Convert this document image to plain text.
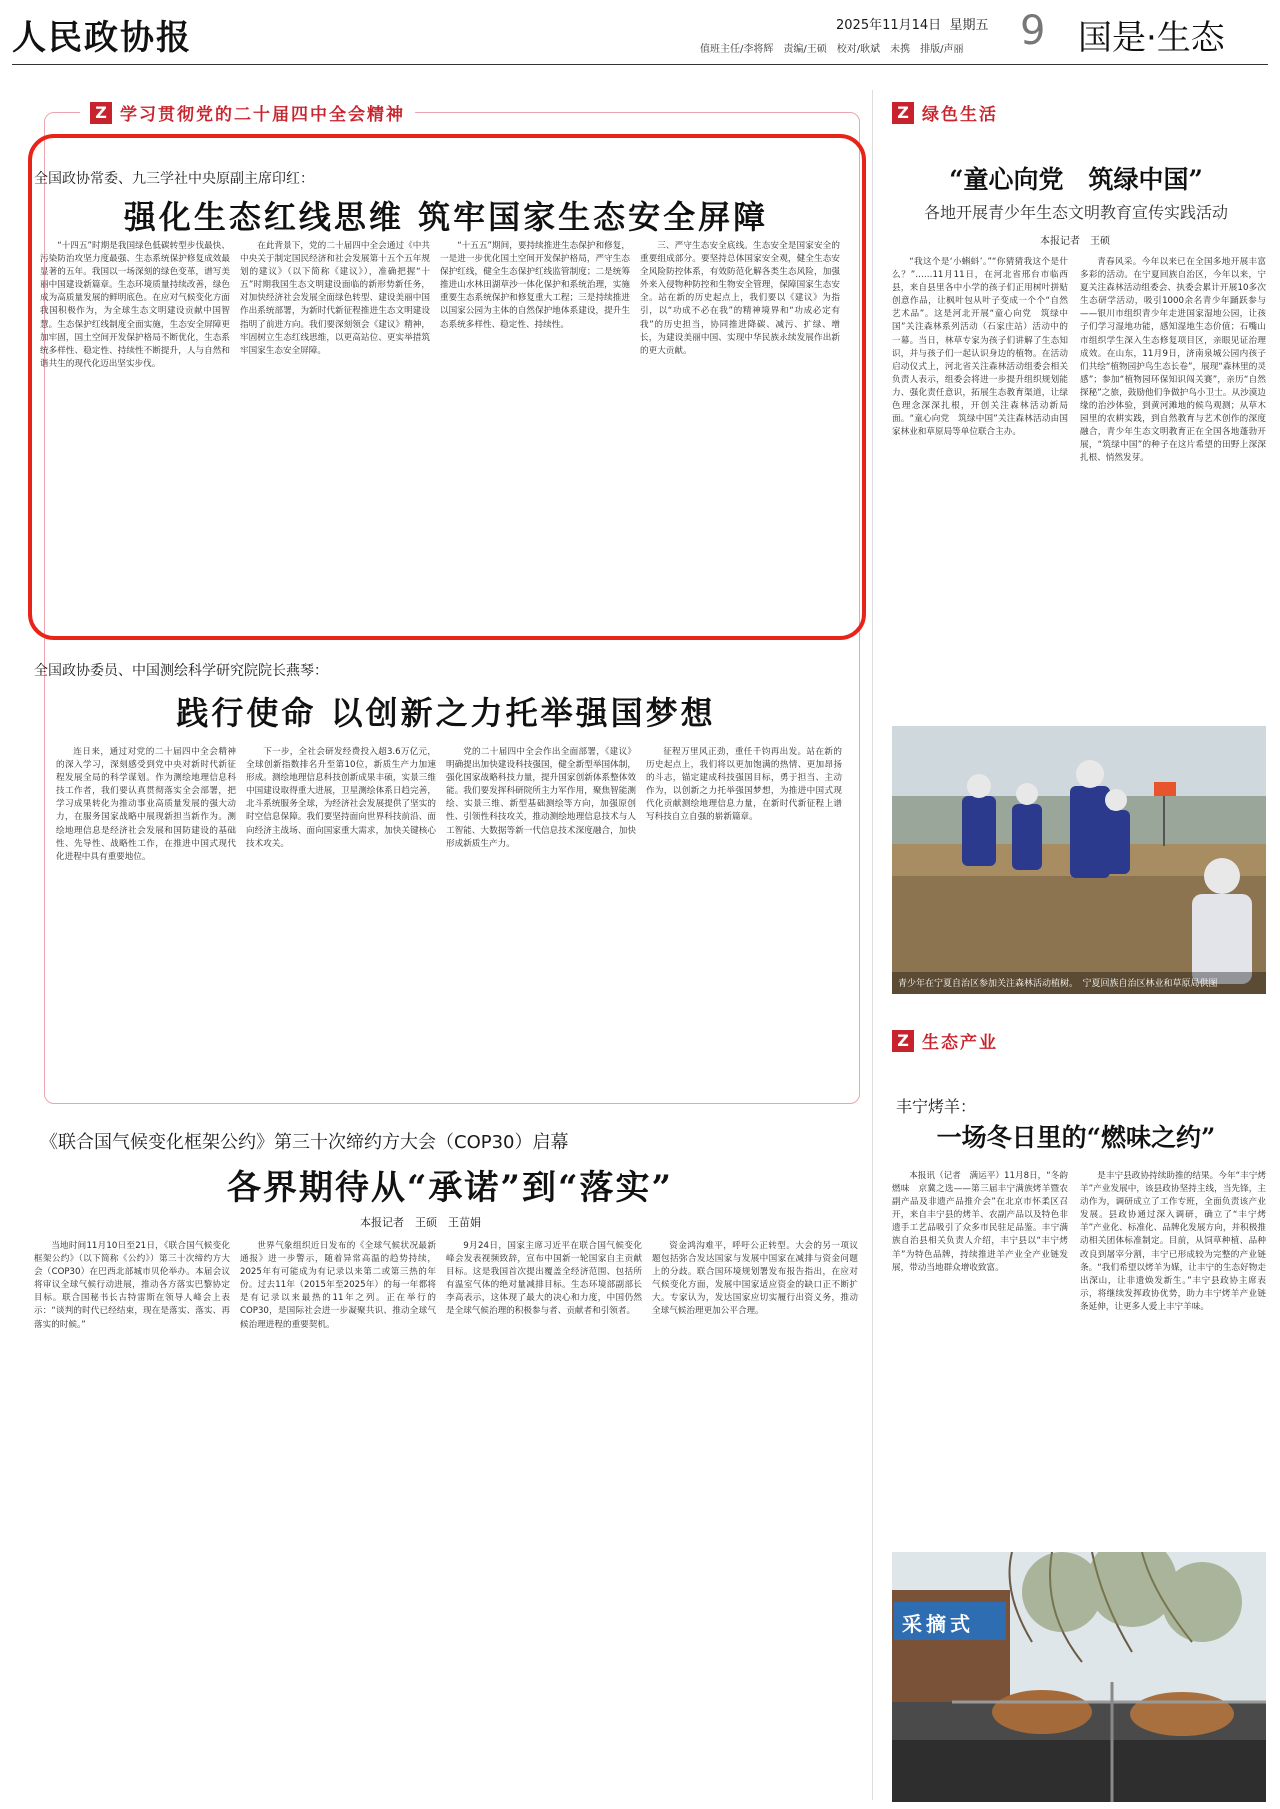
人民政协报	2025年11月14日 星期五
值班主任/李将辉　责编/王硕　校对/耿斌　未携　排版/声丽 9 国是·生态
Z 学习贯彻党的二十届四中全会精神
全国政协常委、九三学社中央原副主席印红：
强化生态红线思维 筑牢国家生态安全屏障

“十四五”时期是我国绿色低碳转型步伐最快、污染防治攻坚力度最强、生态系统保护修复成效最显著的五年。我国以一场深刻的绿色变革，谱写美丽中国建设新篇章。生态环境质量持续改善，绿色成为高质量发展的鲜明底色。在应对气候变化方面我国积极作为，为全球生态文明建设贡献中国智慧。生态保护红线制度全面实施，生态安全屏障更加牢固，国土空间开发保护格局不断优化，生态系统多样性、稳定性、持续性不断提升，人与自然和谐共生的现代化迈出坚实步伐。

在此背景下，党的二十届四中全会通过《中共中央关于制定国民经济和社会发展第十五个五年规划的建议》（以下简称《建议》），准确把握“十五”时期我国生态文明建设面临的新形势新任务，对加快经济社会发展全面绿色转型、建设美丽中国作出系统部署，为新时代新征程推进生态文明建设指明了前进方向。我们要深刻领会《建议》精神，牢固树立生态红线思维，以更高站位、更实举措筑牢国家生态安全屏障。

“十五五”期间，要持续推进生态保护和修复，一是进一步优化国土空间开发保护格局，严守生态保护红线，健全生态保护红线监管制度；二是统筹推进山水林田湖草沙一体化保护和系统治理，实施重要生态系统保护和修复重大工程；三是持续推进以国家公园为主体的自然保护地体系建设，提升生态系统多样性、稳定性、持续性。

三、严守生态安全底线。生态安全是国家安全的重要组成部分。要坚持总体国家安全观，健全生态安全风险防控体系，有效防范化解各类生态风险，加强外来入侵物种防控和生物安全管理，保障国家生态安全。站在新的历史起点上，我们要以《建议》为指引，以“功成不必在我”的精神境界和“功成必定有我”的历史担当，协同推进降碳、减污、扩绿、增长，为建设美丽中国、实现中华民族永续发展作出新的更大贡献。

全国政协委员、中国测绘科学研究院院长燕琴：
践行使命 以创新之力托举强国梦想

连日来，通过对党的二十届四中全会精神的深入学习，深刻感受到党中央对新时代新征程发展全局的科学谋划。作为测绘地理信息科技工作者，我们要认真贯彻落实全会部署，把学习成果转化为推动事业高质量发展的强大动力，在服务国家战略中展现新担当新作为。测绘地理信息是经济社会发展和国防建设的基础性、先导性、战略性工作，在推进中国式现代化进程中具有重要地位。

下一步，全社会研发经费投入超3.6万亿元，全球创新指数排名升至第10位，新质生产力加速形成。测绘地理信息科技创新成果丰硕，实景三维中国建设取得重大进展，卫星测绘体系日趋完善，北斗系统服务全球，为经济社会发展提供了坚实的时空信息保障。我们要坚持面向世界科技前沿、面向经济主战场、面向国家重大需求，加快关键核心技术攻关。

党的二十届四中全会作出全面部署，《建议》明确提出加快建设科技强国，健全新型举国体制，强化国家战略科技力量，提升国家创新体系整体效能。我们要发挥科研院所主力军作用，聚焦智能测绘、实景三维、新型基础测绘等方向，加强原创性、引领性科技攻关，推动测绘地理信息技术与人工智能、大数据等新一代信息技术深度融合，加快形成新质生产力。

征程万里风正劲，重任千钧再出发。站在新的历史起点上，我们将以更加饱满的热情、更加昂扬的斗志，锚定建成科技强国目标，勇于担当、主动作为，以创新之力托举强国梦想，为推进中国式现代化贡献测绘地理信息力量，在新时代新征程上谱写科技自立自强的崭新篇章。

《联合国气候变化框架公约》第三十次缔约方大会（COP30）启幕
各界期待从“承诺”到“落实”
本报记者　王硕　王苗娟

当地时间11月10日至21日，《联合国气候变化框架公约》（以下简称《公约》）第三十次缔约方大会（COP30）在巴西北部城市贝伦举办。本届会议将审议全球气候行动进展，推动各方落实巴黎协定目标。联合国秘书长古特雷斯在领导人峰会上表示：“谈判的时代已经结束，现在是落实、落实、再落实的时候。”

世界气象组织近日发布的《全球气候状况最新通报》进一步警示，随着异常高温的趋势持续，2025年有可能成为有记录以来第二或第三热的年份。过去11年（2015年至2025年）的每一年都将是有记录以来最热的11年之列。正在举行的COP30，是国际社会进一步凝聚共识、推动全球气候治理进程的重要契机。

9月24日，国家主席习近平在联合国气候变化峰会发表视频致辞，宣布中国新一轮国家自主贡献目标。这是我国首次提出覆盖全经济范围、包括所有温室气体的绝对量减排目标。生态环境部副部长李高表示，这体现了最大的决心和力度，中国仍然是全球气候治理的积极参与者、贡献者和引领者。

资金鸿沟难平，呼吁公正转型。大会的另一项议题包括弥合发达国家与发展中国家在减排与资金问题上的分歧。联合国环境规划署发布报告指出，在应对气候变化方面，发展中国家适应资金的缺口正不断扩大。专家认为，发达国家应切实履行出资义务，推动全球气候治理更加公平合理。

Z 绿色生活
“童心向党　筑绿中国”
各地开展青少年生态文明教育宣传实践活动
本报记者　王硕

“我这个是‘小蝌蚪’。”“你猜猜我这个是什么？”……11月11日，在河北省邢台市临西县，来自县里各中小学的孩子们正用树叶拼贴创意作品，让枫叶包从叶子变成一个个“自然艺术品”。这是河北开展“童心向党　筑绿中国”关注森林系列活动（石家庄站）活动中的一幕。当日，林草专家为孩子们讲解了生态知识，并与孩子们一起认识身边的植物。在活动启动仪式上，河北省关注森林活动组委会相关负责人表示，组委会将进一步提升组织规划能力、强化责任意识，拓展生态教育渠道，让绿色理念深深扎根，开创关注森林活动新局面。“童心向党　筑绿中国”关注森林活动由国家林业和草原局等单位联合主办。

青春风采。今年以来已在全国多地开展丰富多彩的活动。在宁夏回族自治区，今年以来，宁夏关注森林活动组委会、执委会累计开展10多次生态研学活动，吸引1000余名青少年踊跃参与——银川市组织青少年走进国家湿地公园，让孩子们学习湿地功能，感知湿地生态价值；石嘴山市组织学生深入生态修复项目区，亲眼见证治理成效。在山东，11月9日，济南泉城公园内孩子们共绘“植物园护鸟生态长卷”，展现“森林里的灵感”；参加“植物园环保知识闯关赛”，亲历“自然探秘”之旅，鼓励他们争做护鸟小卫士。从沙漠边缘的治沙体验，到黄河滩地的候鸟观测；从草木园里的农耕实践，到自然教育与艺术创作的深度融合，青少年生态文明教育正在全国各地蓬勃开展，“筑绿中国”的种子在这片希望的田野上深深扎根、悄然发芽。

青少年在宁夏自治区参加关注森林活动植树。　宁夏回族自治区林业和草原局供图
Z 生态产业
丰宁烤羊：
一场冬日里的“燃味之约”

本报讯（记者　满运平）11月8日，“冬韵燃味　京冀之选——第三届丰宁满族烤羊暨农副产品及非遗产品推介会”在北京市怀柔区召开，来自丰宁县的烤羊、农副产品以及特色非遗手工艺品吸引了众多市民驻足品鉴。丰宁满族自治县相关负责人介绍，丰宁县以“丰宁烤羊”为特色品牌，持续推进羊产业全产业链发展，带动当地群众增收致富。

是丰宁县政协持续助推的结果。今年“丰宁烤羊”产业发展中，该县政协坚持主线，当先锋，主动作为，调研成立了工作专班，全面负责该产业发展。县政协通过深入调研，确立了“丰宁烤羊”产业化、标准化、品牌化发展方向，并积极推动相关团体标准制定。目前，从饲草种植、品种改良到屠宰分割，丰宁已形成较为完整的产业链条。“我们希望以烤羊为媒，让丰宁的生态好物走出深山，让非遗焕发新生。”丰宁县政协主席表示，将继续发挥政协优势，助力丰宁烤羊产业链条延伸，让更多人爱上丰宁羊味。

采摘式
